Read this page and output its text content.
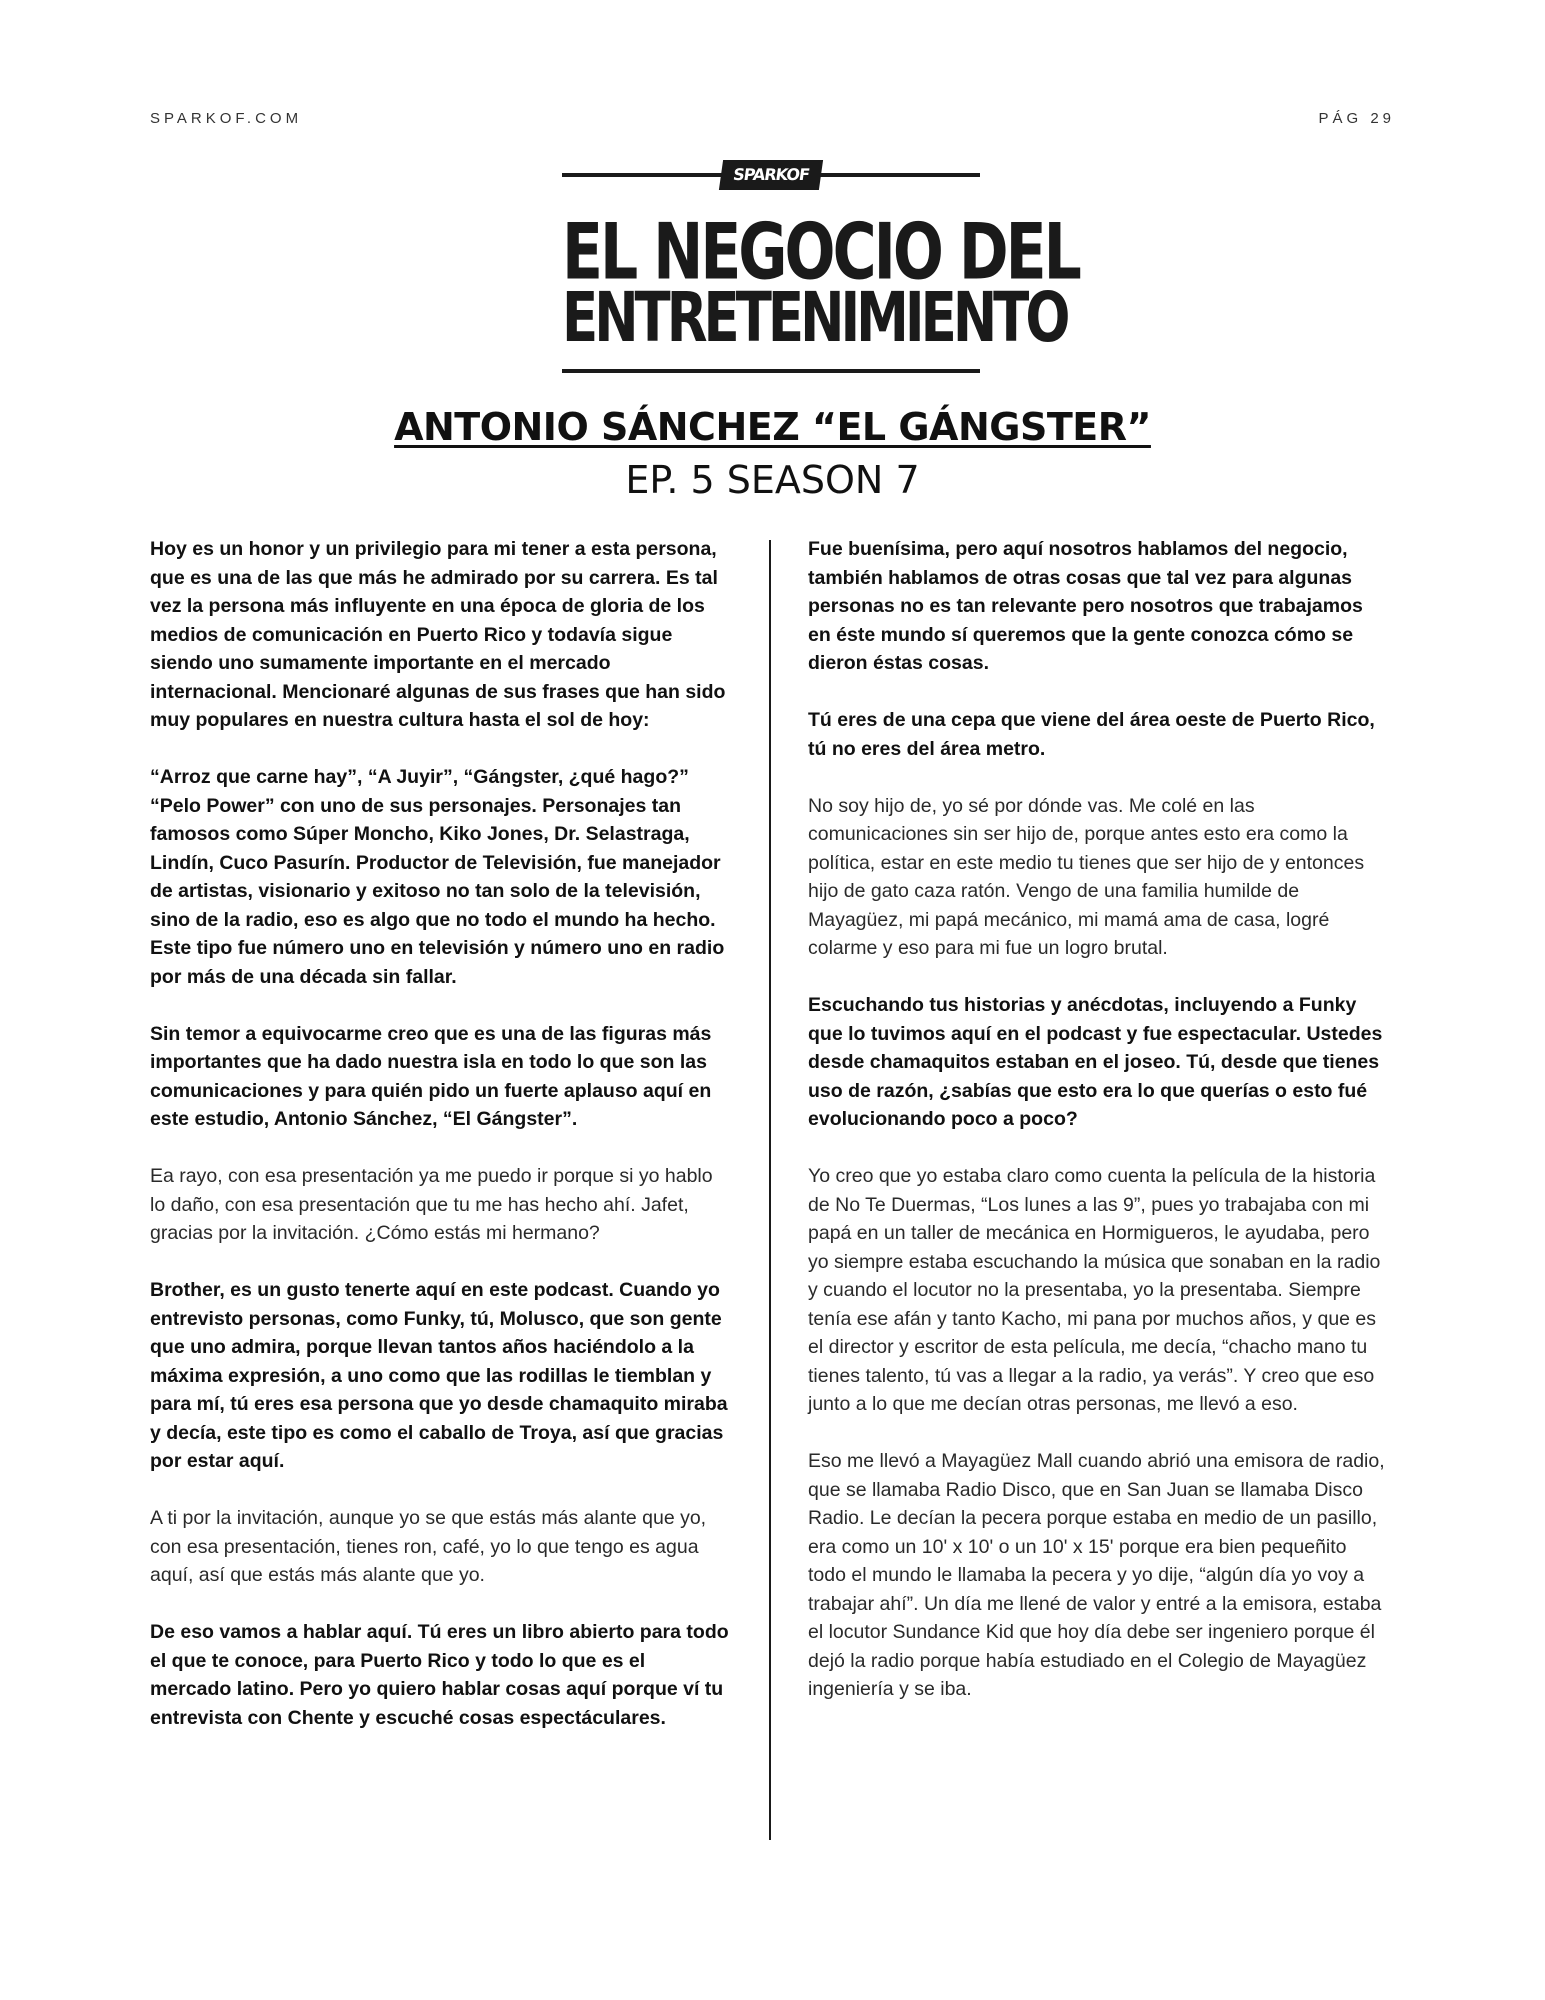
SPARKOF.COM	PÁG 29
SPARKOF
EL NEGOCIO DEL
ENTRETENIMIENTO
ANTONIO SÁNCHEZ “EL GÁNGSTER”
EP. 5 SEASON 7

Hoy es un honor y un privilegio para mi tener a esta persona, que es una de las que más he admirado por su carrera. Es tal vez la persona más influyente en una época de gloria de los medios de comunicación en Puerto Rico y todavía sigue siendo uno sumamente importante en el mercado internacional. Mencionaré algunas de sus frases que han sido muy populares en nuestra cultura hasta el sol de hoy:

“Arroz que carne hay”, “A Juyir”, “Gángster, ¿qué hago?” “Pelo Power” con uno de sus personajes. Personajes tan famosos como Súper Moncho, Kiko Jones, Dr. Selastraga, Lindín, Cuco Pasurín. Productor de Televisión, fue manejador de artistas, visionario y exitoso no tan solo de la televisión, sino de la radio, eso es algo que no todo el mundo ha hecho. Este tipo fue número uno en televisión y número uno en radio por más de una década sin fallar.

Sin temor a equivocarme creo que es una de las figuras más importantes que ha dado nuestra isla en todo lo que son las comunicaciones y para quién pido un fuerte aplauso aquí en este estudio, Antonio Sánchez, “El Gángster”.

Ea rayo, con esa presentación ya me puedo ir porque si yo hablo lo daño, con esa presentación que tu me has hecho ahí. Jafet, gracias por la invitación. ¿Cómo estás mi hermano?

Brother, es un gusto tenerte aquí en este podcast. Cuando yo entrevisto personas, como Funky, tú, Molusco, que son gente que uno admira, porque llevan tantos años haciéndolo a la máxima expresión, a uno como que las rodillas le tiemblan y para mí, tú eres esa persona que yo desde chamaquito miraba y decía, este tipo es como el caballo de Troya, así que gracias por estar aquí.

A ti por la invitación, aunque yo se que estás más alante que yo, con esa presentación, tienes ron, café, yo lo que tengo es agua aquí, así que estás más alante que yo.

De eso vamos a hablar aquí. Tú eres un libro abierto para todo el que te conoce, para Puerto Rico y todo lo que es el mercado latino. Pero yo quiero hablar cosas aquí porque ví tu entrevista con Chente y escuché cosas espectáculares.

Fue buenísima, pero aquí nosotros hablamos del negocio, también hablamos de otras cosas que tal vez para algunas personas no es tan relevante pero nosotros que trabajamos en éste mundo sí queremos que la gente conozca cómo se dieron éstas cosas.

Tú eres de una cepa que viene del área oeste de Puerto Rico, tú no eres del área metro.

No soy hijo de, yo sé por dónde vas. Me colé en las comunicaciones sin ser hijo de, porque antes esto era como la política, estar en este medio tu tienes que ser hijo de y entonces hijo de gato caza ratón. Vengo de una familia humilde de Mayagüez, mi papá mecánico, mi mamá ama de casa, logré colarme y eso para mi fue un logro brutal.

Escuchando tus historias y anécdotas, incluyendo a Funky que lo tuvimos aquí en el podcast y fue espectacular. Ustedes desde chamaquitos estaban en el joseo. Tú, desde que tienes uso de razón, ¿sabías que esto era lo que querías o esto fué evolucionando poco a poco?

Yo creo que yo estaba claro como cuenta la película de la historia de No Te Duermas, “Los lunes a las 9”, pues yo trabajaba con mi papá en un taller de mecánica en Hormigueros, le ayudaba, pero yo siempre estaba escuchando la música que sonaban en la radio y cuando el locutor no la presentaba, yo la presentaba. Siempre tenía ese afán y tanto Kacho, mi pana por muchos años, y que es el director y escritor de esta película, me decía, “chacho mano tu tienes talento, tú vas a llegar a la radio, ya verás”. Y creo que eso junto a lo que me decían otras personas, me llevó a eso.

Eso me llevó a Mayagüez Mall cuando abrió una emisora de radio, que se llamaba Radio Disco, que en San Juan se llamaba Disco Radio. Le decían la pecera porque estaba en medio de un pasillo, era como un 10' x 10' o un 10' x 15' porque era bien pequeñito todo el mundo le llamaba la pecera y yo dije, “algún día yo voy a trabajar ahí”. Un día me llené de valor y entré a la emisora, estaba el locutor Sundance Kid que hoy día debe ser ingeniero porque él dejó la radio porque había estudiado en el Colegio de Mayagüez ingeniería y se iba.
